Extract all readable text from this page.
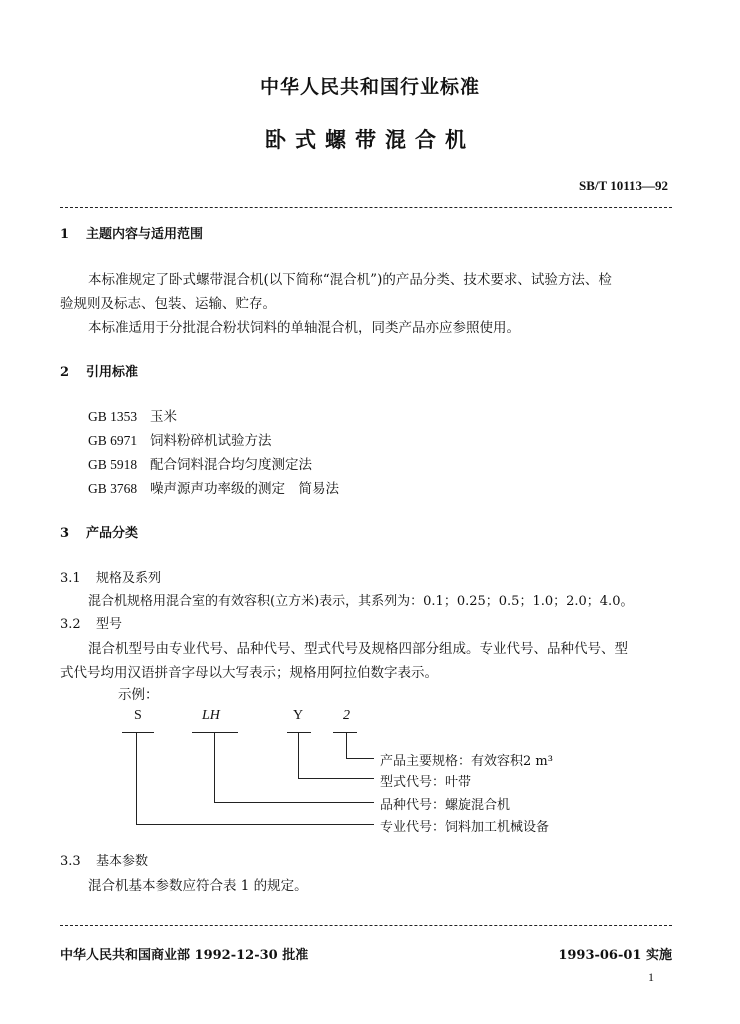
中华人民共和国行业标准
卧式螺带混合机
SB/T 10113—92
1 主题内容与适用范围
本标准规定了卧式螺带混合机(以下简称“混合机”)的产品分类、技术要求、试验方法、检
验规则及标志、包装、运输、贮存。
本标准适用于分批混合粉状饲料的单轴混合机，同类产品亦应参照使用。
2 引用标准
GB 1353 玉米
GB 6971 饲料粉碎机试验方法
GB 5918 配合饲料混合均匀度测定法
GB 3768 噪声源声功率级的测定　简易法
3 产品分类
3.1 规格及系列
混合机规格用混合室的有效容积(立方米)表示，其系列为：0.1；0.25；0.5；1.0；2.0；4.0。
3.2 型号
混合机型号由专业代号、品种代号、型式代号及规格四部分组成。专业代号、品种代号、型
式代号均用汉语拼音字母以大写表示；规格用阿拉伯数字表示。
示例：
S	LH	Y	2
产品主要规格：有效容积2 m³
型式代号：叶带
品种代号：螺旋混合机
专业代号：饲料加工机械设备
3.3 基本参数
混合机基本参数应符合表 1 的规定。
中华人民共和国商业部 1992-12-30 批准	1993-06-01 实施
1
